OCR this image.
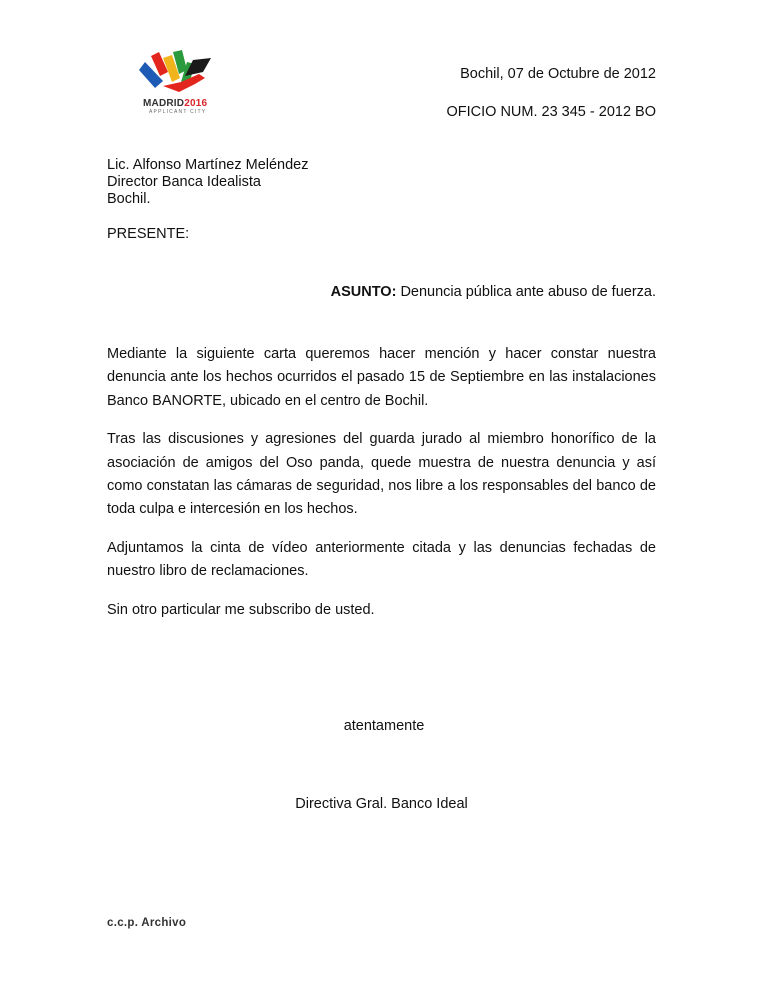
MADRID2016
APPLICANT CITY
Bochil, 07 de Octubre de 2012
OFICIO NUM. 23 345 - 2012 BO
Lic. Alfonso Martínez Meléndez
Director Banca Idealista
Bochil.
PRESENTE:
ASUNTO: Denuncia pública ante abuso de fuerza.

Mediante la siguiente carta queremos hacer mención y hacer constar nuestra denuncia ante los hechos ocurridos el pasado 15 de Septiembre en las instalaciones Banco BANORTE, ubicado en el centro de Bochil.

Tras las discusiones y agresiones del guarda jurado al miembro honorífico de la asociación de amigos del Oso panda, quede muestra de nuestra denuncia y así como constatan las cámaras de seguridad, nos libre a los responsables del banco de toda culpa e intercesión en los hechos.

Adjuntamos la cinta de vídeo anteriormente citada y las denuncias fechadas de nuestro libro de reclamaciones.

Sin otro particular me subscribo de usted.

atentamente
Directiva Gral. Banco Ideal
c.c.p. Archivo
